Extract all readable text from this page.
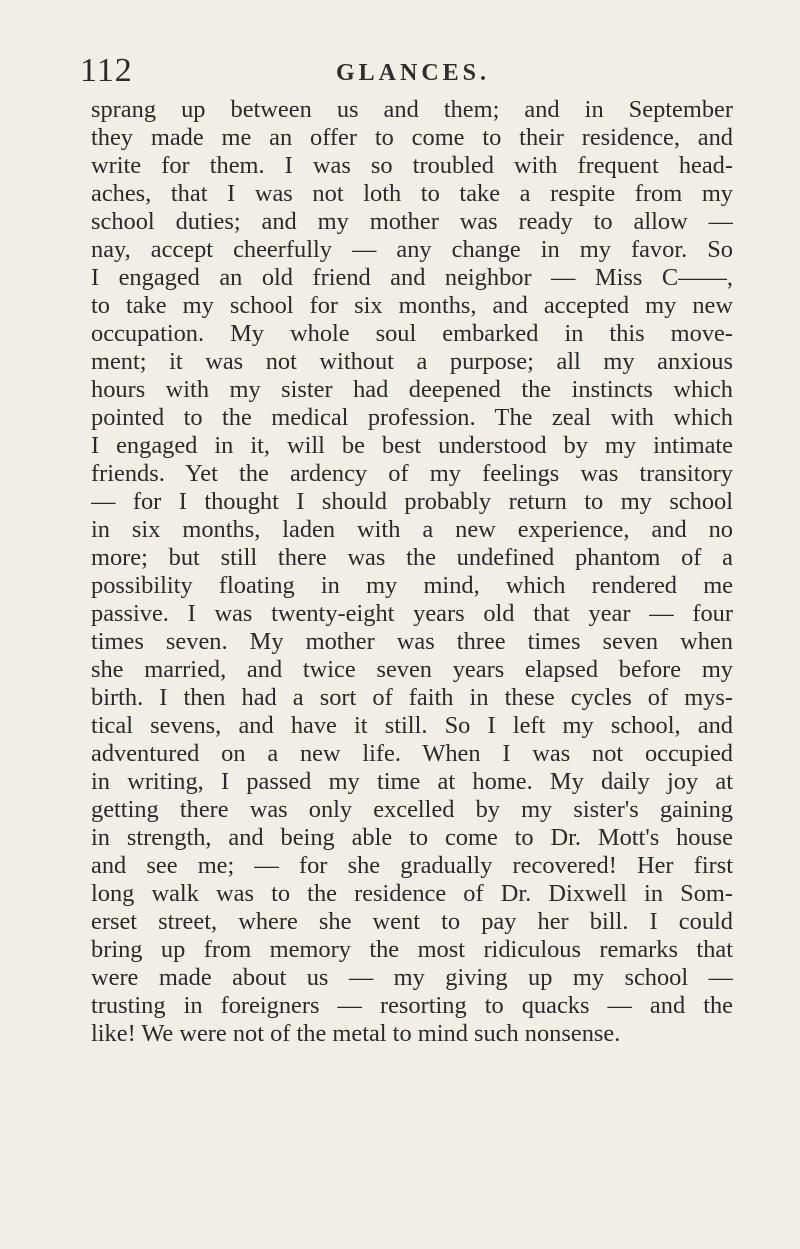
112	GLANCES.
sprang up between us and them; and in September
they made me an offer to come to their residence, and
write for them. I was so troubled with frequent head-
aches, that I was not loth to take a respite from my
school duties; and my mother was ready to allow —
nay, accept cheerfully — any change in my favor. So
I engaged an old friend and neighbor — Miss C——,
to take my school for six months, and accepted my new
occupation. My whole soul embarked in this move-
ment; it was not without a purpose; all my anxious
hours with my sister had deepened the instincts which
pointed to the medical profession. The zeal with which
I engaged in it, will be best understood by my intimate
friends. Yet the ardency of my feelings was transitory
— for I thought I should probably return to my school
in six months, laden with a new experience, and no
more; but still there was the undefined phantom of a
possibility floating in my mind, which rendered me
passive. I was twenty-eight years old that year — four
times seven. My mother was three times seven when
she married, and twice seven years elapsed before my
birth. I then had a sort of faith in these cycles of mys-
tical sevens, and have it still. So I left my school, and
adventured on a new life. When I was not occupied
in writing, I passed my time at home. My daily joy at
getting there was only excelled by my sister's gaining
in strength, and being able to come to Dr. Mott's house
and see me; — for she gradually recovered! Her first
long walk was to the residence of Dr. Dixwell in Som-
erset street, where she went to pay her bill. I could
bring up from memory the most ridiculous remarks that
were made about us — my giving up my school —
trusting in foreigners — resorting to quacks — and the
like! We were not of the metal to mind such nonsense.
